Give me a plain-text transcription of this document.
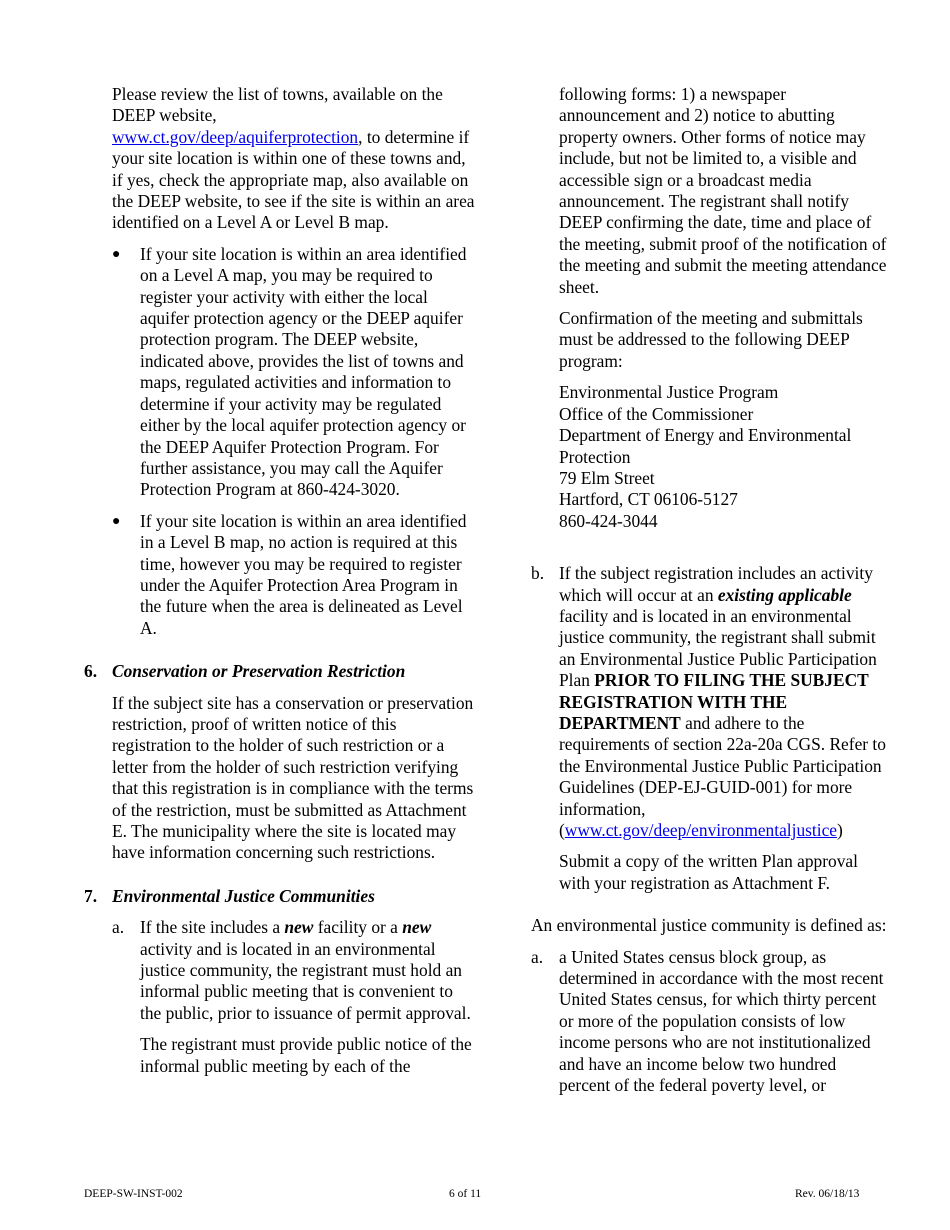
Please review the list of towns, available on the DEEP website,
www.ct.gov/deep/aquiferprotection, to determine if your site location is within one of these towns and, if yes, check the appropriate map, also available on the DEEP website, to see if the site is within an area identified on a Level A or Level B map.

● If your site location is within an area identified on a Level A map, you may be required to register your activity with either the local aquifer protection agency or the DEEP aquifer protection program. The DEEP website, indicated above, provides the list of towns and maps, regulated activities and information to determine if your activity may be regulated either by the local aquifer protection agency or the DEEP Aquifer Protection Program. For further assistance, you may call the Aquifer Protection Program at 860-424-3020.
● If your site location is within an area identified in a Level B map, no action is required at this time, however you may be required to register under the Aquifer Protection Area Program in the future when the area is delineated as Level A.
6. Conservation or Preservation Restriction

If the subject site has a conservation or preservation restriction, proof of written notice of this registration to the holder of such restriction or a letter from the holder of such restriction verifying that this registration is in compliance with the terms of the restriction, must be submitted as Attachment E. The municipality where the site is located may have information concerning such restrictions.

7. Environmental Justice Communities
a. If the site includes a new facility or a new activity and is located in an environmental justice community, the registrant must hold an informal public meeting that is convenient to the public, prior to issuance of permit approval.

The registrant must provide public notice of the informal public meeting by each of the

following forms: 1) a newspaper announcement and 2) notice to abutting property owners. Other forms of notice may include, but not be limited to, a visible and accessible sign or a broadcast media announcement. The registrant shall notify DEEP confirming the date, time and place of the meeting, submit proof of the notification of the meeting and submit the meeting attendance sheet.

Confirmation of the meeting and submittals must be addressed to the following DEEP program:

Environmental Justice Program
Office of the Commissioner
Department of Energy and Environmental
Protection
79 Elm Street
Hartford, CT 06106-5127
860-424-3044
b. If the subject registration includes an activity which will occur at an existing applicable facility and is located in an environmental justice community, the registrant shall submit an Environmental Justice Public Participation Plan PRIOR TO FILING THE SUBJECT REGISTRATION WITH THE DEPARTMENT and adhere to the requirements of section 22a-20a CGS. Refer to the Environmental Justice Public Participation Guidelines (DEP-EJ-GUID-001) for more information, (www.ct.gov/deep/environmentaljustice)

Submit a copy of the written Plan approval with your registration as Attachment F.

An environmental justice community is defined as:

a. a United States census block group, as determined in accordance with the most recent United States census, for which thirty percent or more of the population consists of low income persons who are not institutionalized and have an income below two hundred percent of the federal poverty level, or
DEEP-SW-INST-002	6 of 11	Rev. 06/18/13
